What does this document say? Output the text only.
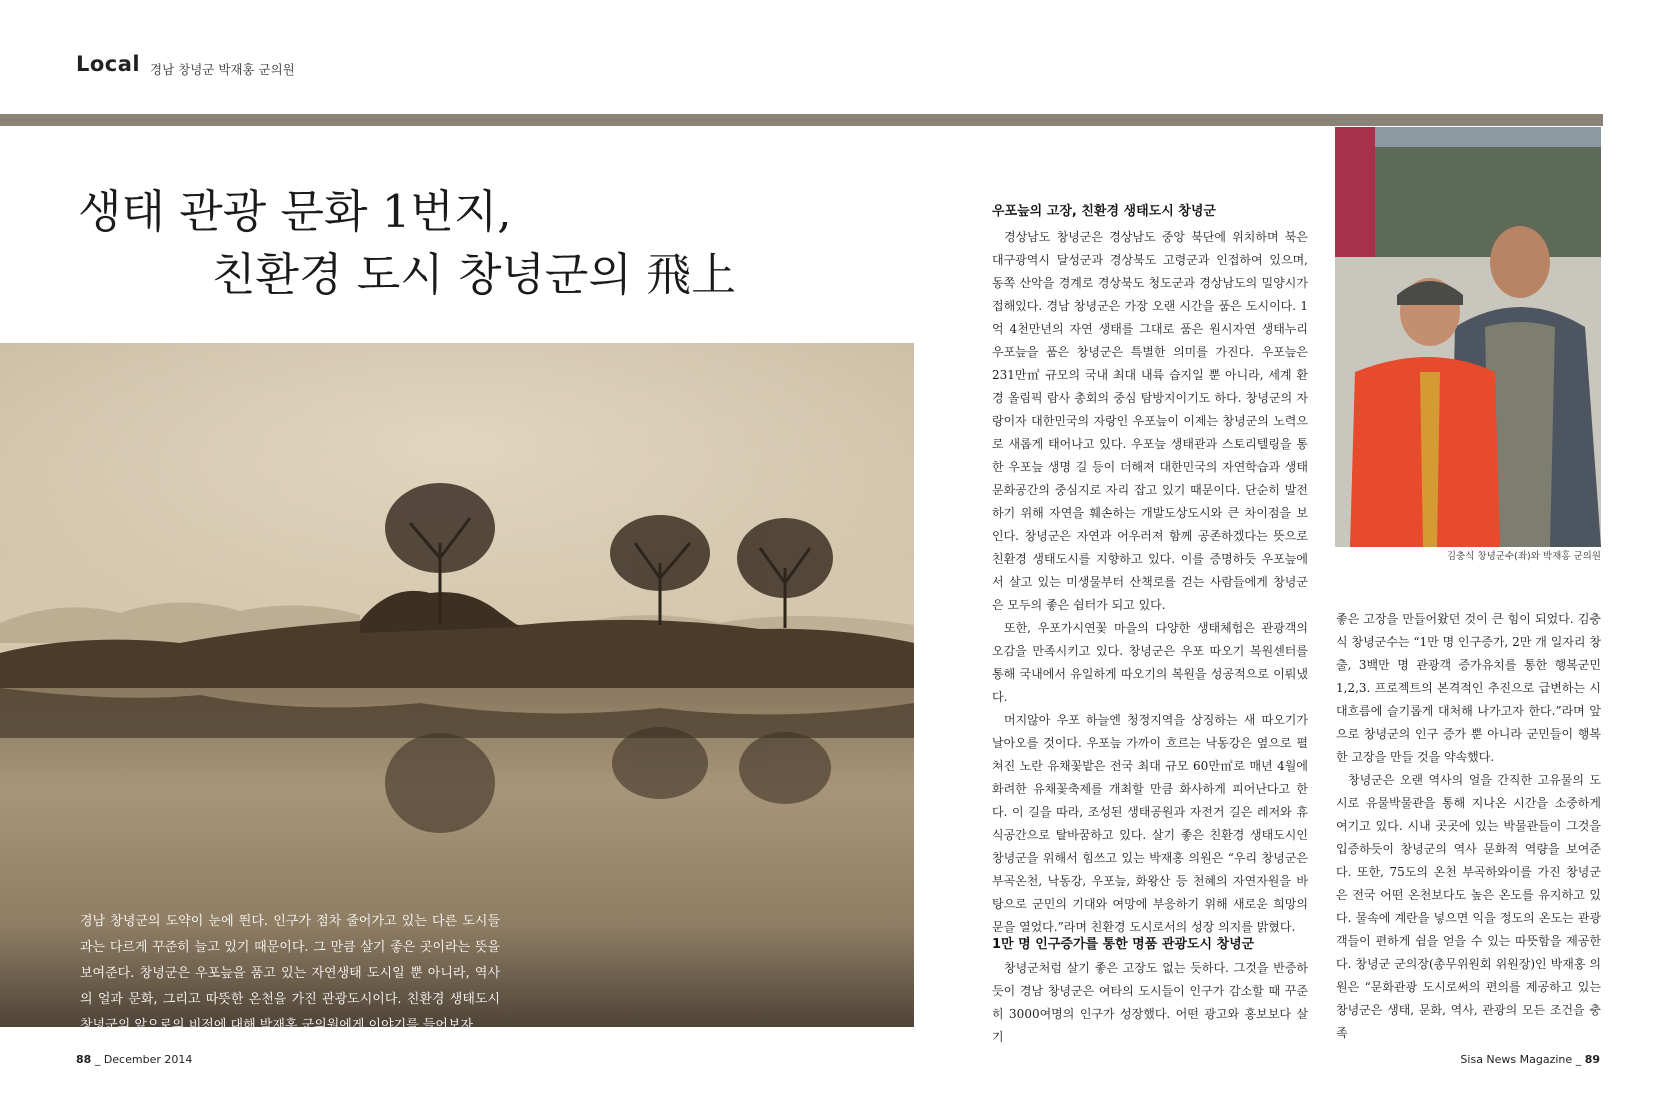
Local 경남 창녕군 박재홍 군의원
생태 관광 문화 1번지,
친환경 도시 창녕군의 飛上

경남 창녕군의 도약이 눈에 띈다. 인구가 점차 줄어가고 있는 다른 도시들과는 다르게 꾸준히 늘고 있기 때문이다. 그 만큼 살기 좋은 곳이라는 뜻을 보여준다. 창녕군은 우포늪을 품고 있는 자연생태 도시일 뿐 아니라, 역사의 얼과 문화, 그리고 따뜻한 온천을 가진 관광도시이다. 친환경 생태도시 창녕군의 앞으로의 비전에 대해 박재홍 군의원에게 이야기를 들어보자.

우포늪의 고장, 친환경 생태도시 창녕군

경상남도 창녕군은 경상남도 중앙 북단에 위치하며 북은 대구광역시 달성군과 경상북도 고령군과 인접하여 있으며, 동쪽 산악을 경계로 경상북도 청도군과 경상남도의 밀양시가 접해있다. 경남 창녕군은 가장 오랜 시간을 품은 도시이다. 1억 4천만년의 자연 생태를 그대로 품은 원시자연 생태누리 우포늪을 품은 창녕군은 특별한 의미를 가진다. 우포늪은 231만㎡ 규모의 국내 최대 내륙 습지일 뿐 아니라, 세계 환경 올림픽 람사 총회의 중심 탐방지이기도 하다. 창녕군의 자랑이자 대한민국의 자랑인 우포늪이 이제는 창녕군의 노력으로 새롭게 태어나고 있다. 우포늪 생태관과 스토리텔링을 통한 우포늪 생명 길 등이 더해져 대한민국의 자연학습과 생태문화공간의 중심지로 자리 잡고 있기 때문이다. 단순히 발전하기 위해 자연을 훼손하는 개발도상도시와 큰 차이점을 보인다. 창녕군은 자연과 어우러져 함께 공존하겠다는 뜻으로 친환경 생태도시를 지향하고 있다. 이를 증명하듯 우포늪에서 살고 있는 미생물부터 산책로를 걷는 사람들에게 창녕군은 모두의 좋은 쉼터가 되고 있다.

또한, 우포가시연꽃 마을의 다양한 생태체험은 관광객의 오감을 만족시키고 있다. 창녕군은 우포 따오기 복원센터를 통해 국내에서 유일하게 따오기의 복원을 성공적으로 이뤄냈다.

머지않아 우포 하늘엔 청정지역을 상징하는 새 따오기가 날아오를 것이다. 우포늪 가까이 흐르는 낙동강은 옆으로 펼쳐진 노란 유채꽃밭은 전국 최대 규모 60만㎡로 매년 4월에 화려한 유채꽃축제를 개최할 만큼 화사하게 피어난다고 한다. 이 길을 따라, 조성된 생태공원과 자전거 길은 레저와 휴식공간으로 탈바꿈하고 있다. 살기 좋은 친환경 생태도시인 창녕군을 위해서 힘쓰고 있는 박재홍 의원은 “우리 창녕군은 부곡온천, 낙동강, 우포늪, 화왕산 등 천혜의 자연자원을 바탕으로 군민의 기대와 여망에 부응하기 위해 새로운 희망의 문을 열었다.”라며 친환경 도시로서의 성장 의지를 밝혔다.

1만 명 인구증가를 통한 명품 관광도시 창녕군

창녕군처럼 살기 좋은 고장도 없는 듯하다. 그것을 반증하듯이 경남 창녕군은 여타의 도시들이 인구가 감소할 때 꾸준히 3000여명의 인구가 성장했다. 어떤 광고와 홍보보다 살기

김충식 창녕군수(좌)와 박재홍 군의원

좋은 고장을 만들어왔던 것이 큰 힘이 되었다. 김충식 창녕군수는 “1만 명 인구증가, 2만 개 일자리 창출, 3백만 명 관광객 증가유치를 통한 행복군민 1,2,3. 프로젝트의 본격적인 추진으로 급변하는 시대흐름에 슬기롭게 대처해 나가고자 한다.”라며 앞으로 창녕군의 인구 증가 뿐 아니라 군민들이 행복한 고장을 만들 것을 약속했다.

창녕군은 오랜 역사의 얼을 간직한 고유물의 도시로 유물박물관을 통해 지나온 시간을 소중하게 여기고 있다. 시내 곳곳에 있는 박물관들이 그것을 입증하듯이 창녕군의 역사 문화적 역량을 보여준다. 또한, 75도의 온천 부곡하와이를 가진 창녕군은 전국 어떤 온천보다도 높은 온도를 유지하고 있다. 물속에 계란을 넣으면 익을 정도의 온도는 관광객들이 편하게 쉼을 얻을 수 있는 따뜻함을 제공한다. 창녕군 군의장(총무위원회 위원장)인 박재홍 의원은 “문화관광 도시로써의 편의를 제공하고 있는 창녕군은 생태, 문화, 역사, 관광의 모든 조건을 충족

88 _ December 2014	Sisa News Magazine _ 89
